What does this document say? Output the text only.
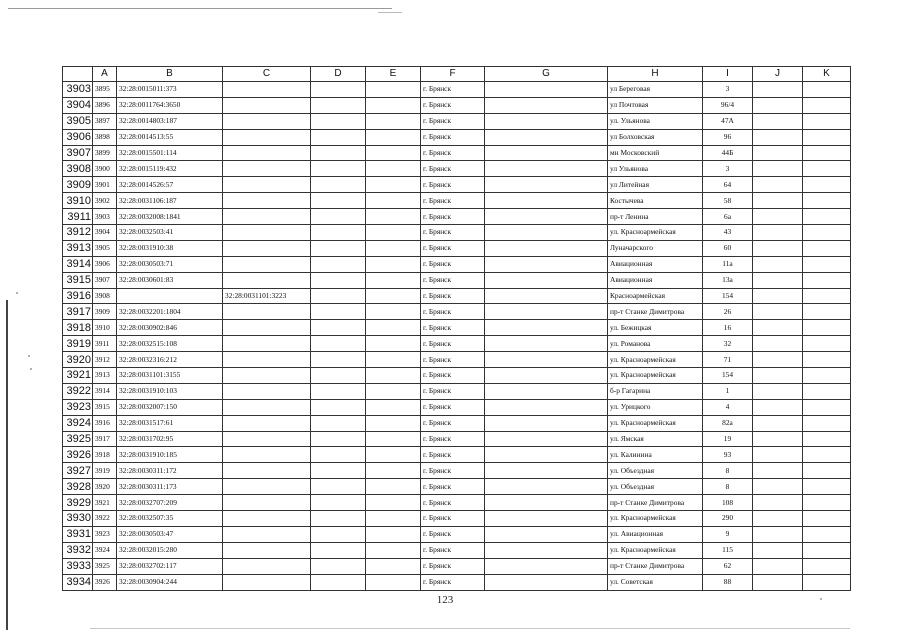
	A	B	C	D	E	F	G	H	I	J	K	
3903	3895	32:28:0015011:373				г. Брянск		ул Береговая	3			
3904	3896	32:28:0011764:3650				г. Брянск		ул Почтовая	96/4			
3905	3897	32:28:0014803:187				г. Брянск		ул. Ульянова	47А			
3906	3898	32:28:0014513:55				г. Брянск		ул Болховская	96			
3907	3899	32:28:0015501:114				г. Брянск		мн Московский	44Б			
3908	3900	32:28:0015119:432				г. Брянск		ул Ульянова	3			
3909	3901	32:28:0014526:57				г. Брянск		ул Литейная	64			
3910	3902	32:28:0031106:187				г. Брянск		Костычева	58			
3911	3903	32:28:0032008:1841				г. Брянск		пр-т Ленина	6а			
3912	3904	32:28:0032503:41				г. Брянск		ул. Красноармейская	43			
3913	3905	32:28:0031910:38				г. Брянск		Луначарского	60			
3914	3906	32:28:0030503:71				г. Брянск		Авиационная	11а			
3915	3907	32:28:0030601:83				г. Брянск		Авиационная	13а			
3916	3908		32:28:0031101:3223			г. Брянск		Красноармейская	154			
3917	3909	32:28:0032201:1804				г. Брянск		пр-т Станке Димитрова	26			
3918	3910	32:28:0030902:846				г. Брянск		ул. Бежицкая	16			
3919	3911	32:28:0032515:108				г. Брянск		ул. Романова	32			
3920	3912	32:28:0032316:212				г. Брянск		ул. Красноармейская	71			
3921	3913	32:28:0031101:3155				г. Брянск		ул. Красноармейская	154			
3922	3914	32:28:0031910:103				г. Брянск		б-р Гагарина	1			
3923	3915	32:28:0032007:150				г. Брянск		ул. Урицкого	4			
3924	3916	32:28:0031517:61				г. Брянск		ул. Красноармейская	82а			
3925	3917	32:28:0031702:95				г. Брянск		ул. Ямская	19			
3926	3918	32:28:0031910:185				г. Брянск		ул. Калинина	93			
3927	3919	32:28:0030311:172				г. Брянск		ул. Объездная	8			
3928	3920	32:28:0030311:173				г. Брянск		ул. Объездная	8			
3929	3921	32:28:0032707:209				г. Брянск		пр-т Станке Димитрова	108			
3930	3922	32:28:0032507:35				г. Брянск		ул. Красноармейская	290			
3931	3923	32:28:0030503:47				г. Брянск		ул. Авиационная	9			
3932	3924	32:28:0032015:280				г. Брянск		ул. Красноармейская	115			
3933	3925	32:28:0032702:117				г. Брянск		пр-т Станке Димитрова	62			
3934	3926	32:28:0030904:244				г. Брянск		ул. Советская	88			
123
